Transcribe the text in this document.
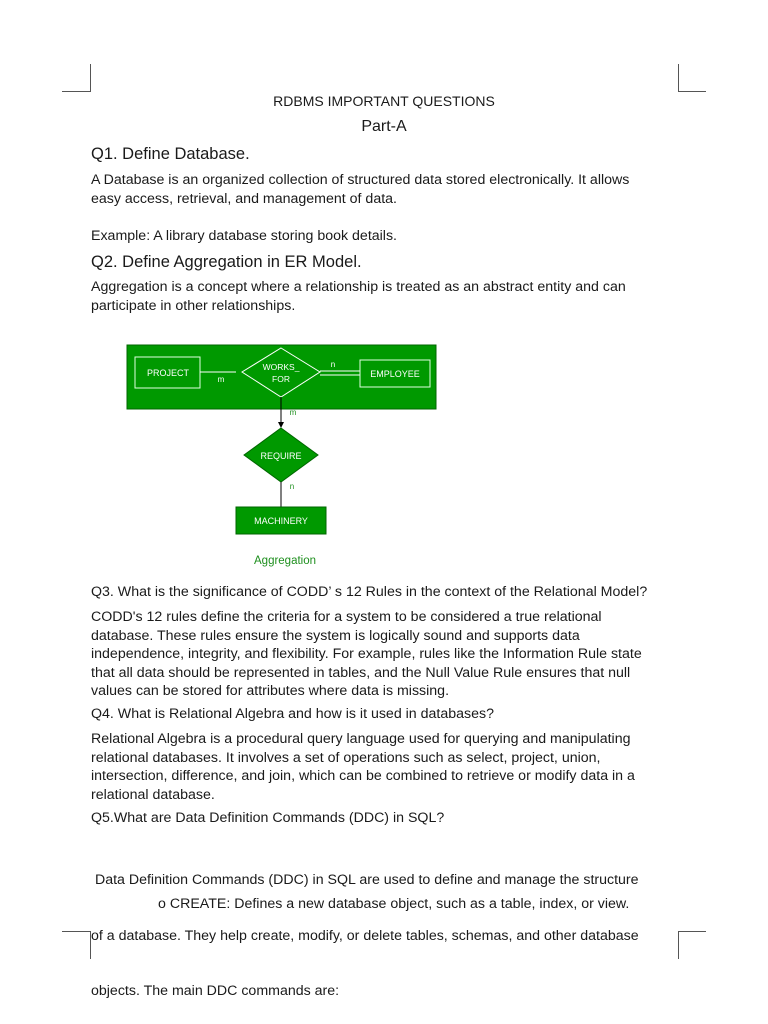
RDBMS IMPORTANT QUESTIONS
Part-A
Q1. Define Database.
A Database is an organized collection of structured data stored electronically. It allows
easy access, retrieval, and management of data.
Example: A library database storing book details.
Q2. Define Aggregation in ER Model.
Aggregation is a concept where a relationship is treated as an abstract entity and can
participate in other relationships.
PROJECT
m
WORKS_
FOR
n
EMPLOYEE
m
REQUIRE
n
MACHINERY
Aggregation
Q3. What is the significance of CODD’ s 12 Rules in the context of the Relational Model?
CODD's 12 rules define the criteria for a system to be considered a true relational
database. These rules ensure the system is logically sound and supports data
independence, integrity, and flexibility. For example, rules like the Information Rule state
that all data should be represented in tables, and the Null Value Rule ensures that null
values can be stored for attributes where data is missing.
Q4. What is Relational Algebra and how is it used in databases?
Relational Algebra is a procedural query language used for querying and manipulating
relational databases. It involves a set of operations such as select, project, union,
intersection, difference, and join, which can be combined to retrieve or modify data in a
relational database.
Q5.What are Data Definition Commands (DDC) in SQL?

Data Definition Commands (DDC) in SQL are used to define and manage the structure

of a database. They help create, modify, or delete tables, schemas, and other database

objects. The main DDC commands are:

o CREATE: Defines a new database object, such as a table, index, or view.
